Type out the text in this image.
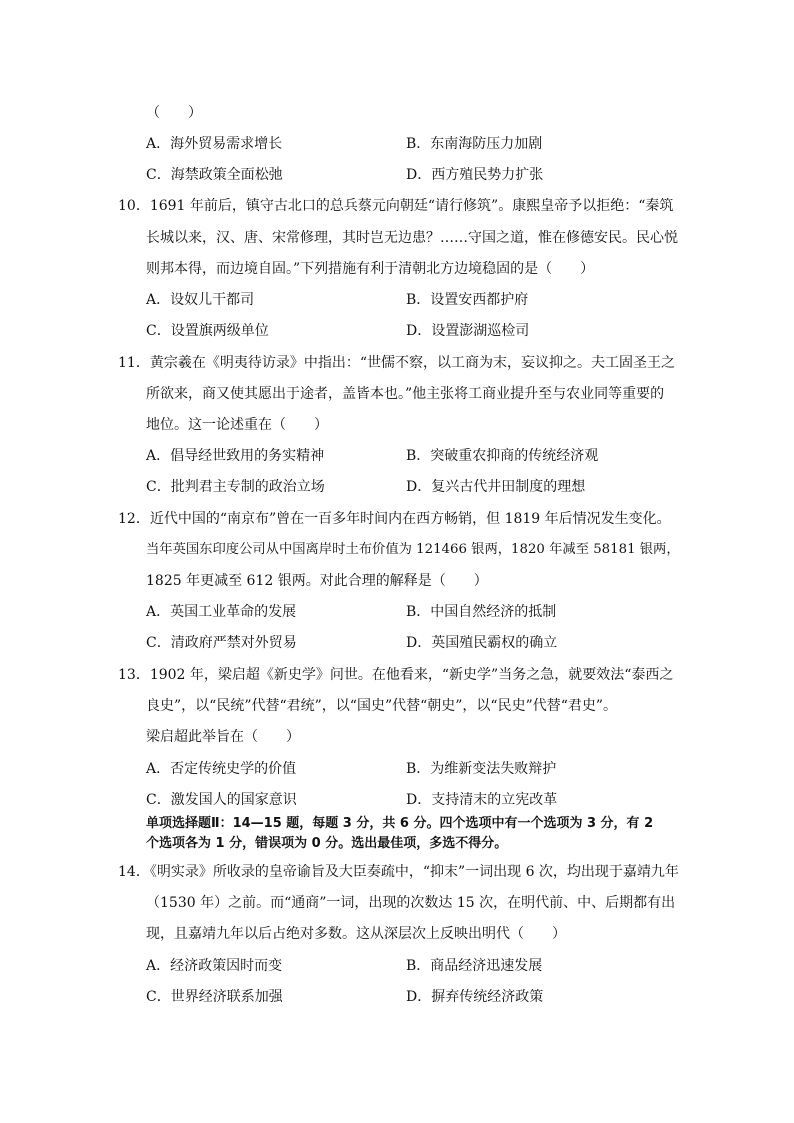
（　　）
A．海外贸易需求增长	B．东南海防压力加剧
C．海禁政策全面松弛	D．西方殖民势力扩张
10．1691 年前后，镇守古北口的总兵蔡元向朝廷“请行修筑”。康熙皇帝予以拒绝：“秦筑
长城以来，汉、唐、宋常修理，其时岂无边患？……守国之道，惟在修德安民。民心悦
则邦本得，而边境自固。”下列措施有利于清朝北方边境稳固的是（　　）
A．设奴儿干都司	B．设置安西都护府
C．设置旗两级单位	D．设置澎湖巡检司
11．黄宗羲在《明夷待访录》中指出：“世儒不察，以工商为末，妄议抑之。夫工固圣王之
所欲来，商又使其愿出于途者，盖皆本也。”他主张将工商业提升至与农业同等重要的
地位。这一论述重在（　　）
A．倡导经世致用的务实精神	B．突破重农抑商的传统经济观
C．批判君主专制的政治立场	D．复兴古代井田制度的理想
12．近代中国的“南京布”曾在一百多年时间内在西方畅销，但 1819 年后情况发生变化。
当年英国东印度公司从中国离岸时土布价值为 121466 银两，1820 年减至 58181 银两，
1825 年更减至 612 银两。对此合理的解释是（　　）
A．英国工业革命的发展	B．中国自然经济的抵制
C．清政府严禁对外贸易	D．英国殖民霸权的确立
13．1902 年，梁启超《新史学》问世。在他看来，“新史学”当务之急，就要效法“泰西之
良史”，以“民统”代替“君统”，以“国史”代替“朝史”，以“民史”代替“君史”。
梁启超此举旨在（　　）
A．否定传统史学的价值	B．为维新变法失败辩护
C．激发国人的国家意识	D．支持清末的立宪改革
单项选择题Ⅱ：14—15 题，每题 3 分，共 6 分。四个选项中有一个选项为 3 分，有 2
个选项各为 1 分，错误项为 0 分。选出最佳项，多选不得分。
14．《明实录》所收录的皇帝谕旨及大臣奏疏中，“抑末”一词出现 6 次，均出现于嘉靖九年
（1530 年）之前。而“通商”一词，出现的次数达 15 次，在明代前、中、后期都有出
现，且嘉靖九年以后占绝对多数。这从深层次上反映出明代（　　）
A．经济政策因时而变	B．商品经济迅速发展
C．世界经济联系加强	D．摒弃传统经济政策
